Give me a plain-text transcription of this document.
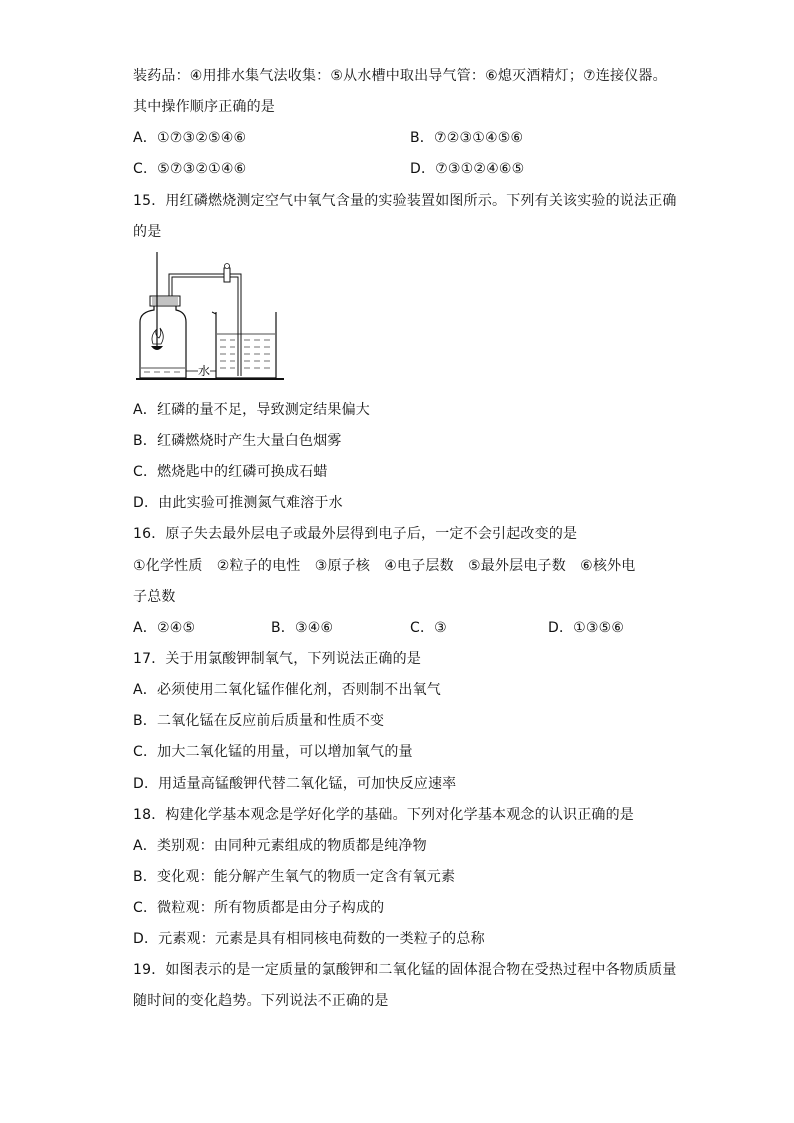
装药品：④用排水集气法收集：⑤从水槽中取出导气管：⑥熄灭酒精灯；⑦连接仪器。
其中操作顺序正确的是
A．①⑦③②⑤④⑥	B．⑦②③①④⑤⑥
C．⑤⑦③②①④⑥	D．⑦③①②④⑥⑤
15．用红磷燃烧测定空气中氧气含量的实验装置如图所示。下列有关该实验的说法正确
的是
水
A．红磷的量不足，导致测定结果偏大
B．红磷燃烧时产生大量白色烟雾
C．燃烧匙中的红磷可换成石蜡
D．由此实验可推测氮气难溶于水
16．原子失去最外层电子或最外层得到电子后，一定不会引起改变的是
①化学性质　②粒子的电性　③原子核　④电子层数　⑤最外层电子数　⑥核外电
子总数
A．②④⑤	B．③④⑥	C．③	D．①③⑤⑥
17．关于用氯酸钾制氧气，下列说法正确的是
A．必须使用二氧化锰作催化剂，否则制不出氧气
B．二氧化锰在反应前后质量和性质不变
C．加大二氧化锰的用量，可以增加氧气的量
D．用适量高锰酸钾代替二氧化锰，可加快反应速率
18．构建化学基本观念是学好化学的基础。下列对化学基本观念的认识正确的是
A．类别观：由同种元素组成的物质都是纯净物
B．变化观：能分解产生氧气的物质一定含有氧元素
C．微粒观：所有物质都是由分子构成的
D．元素观：元素是具有相同核电荷数的一类粒子的总称
19．如图表示的是一定质量的氯酸钾和二氧化锰的固体混合物在受热过程中各物质质量
随时间的变化趋势。下列说法不正确的是
